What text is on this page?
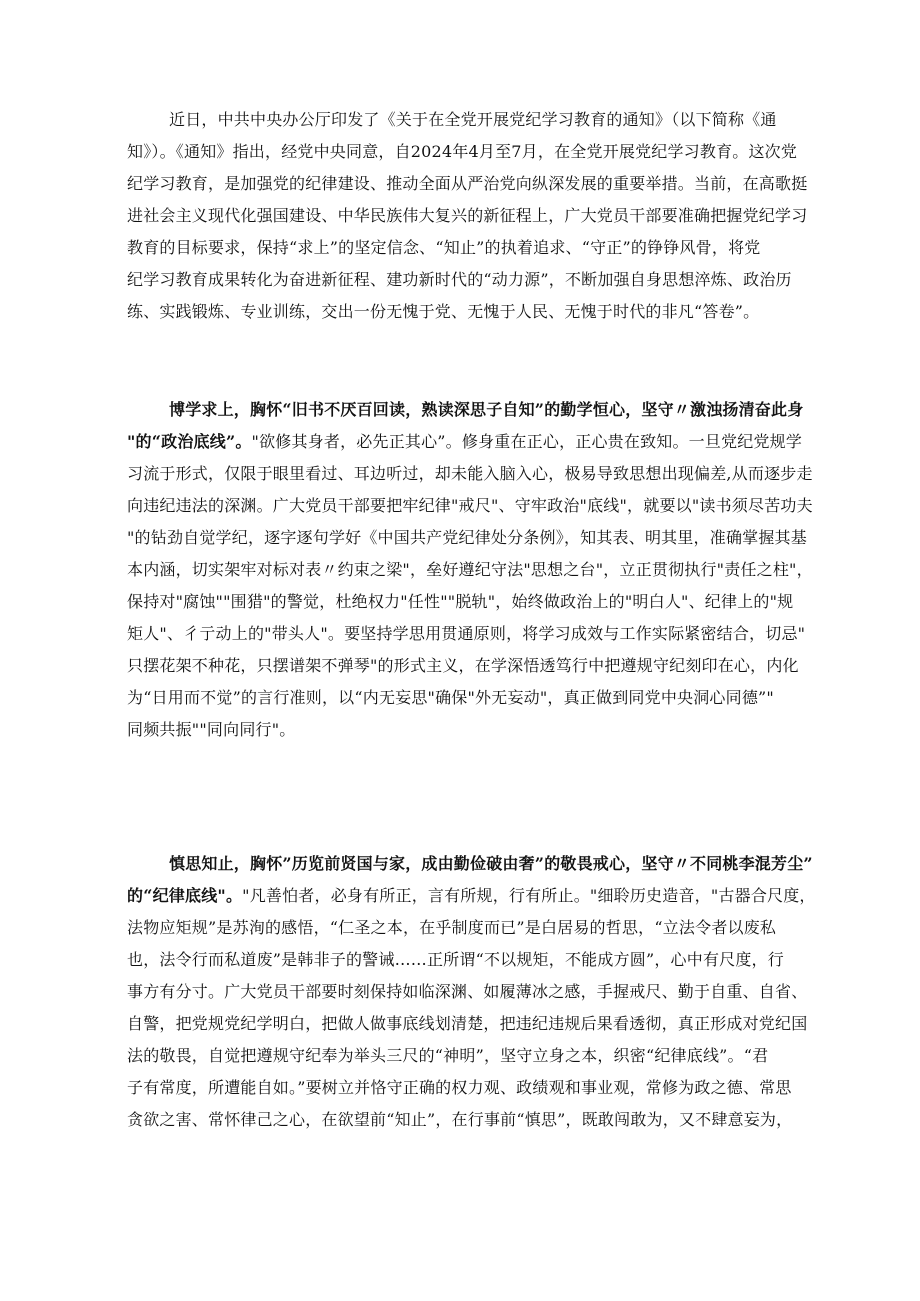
近日，中共中央办公厅印发了《关于在全党开展党纪学习教育的通知》（以下简称《通
知》）。《通知》指出，经党中央同意，自2024年4月至7月，在全党开展党纪学习教育。这次党
纪学习教育，是加强党的纪律建设、推动全面从严治党向纵深发展的重要举措。当前，在高歌挺
进社会主义现代化强国建设、中华民族伟大复兴的新征程上，广大党员干部要准确把握党纪学习
教育的目标要求，保持“求上”的坚定信念、“知止”的执着追求、“守正”的铮铮风骨，将党
纪学习教育成果转化为奋进新征程、建功新时代的“动力源”，不断加强自身思想淬炼、政治历
练、实践锻炼、专业训练，交出一份无愧于党、无愧于人民、无愧于时代的非凡“答卷”。
博学求上，胸怀“旧书不厌百回读，熟读深思子自知”的勤学恒心，坚守〃激浊扬清奋此身
"的“政治底线”。"欲修其身者，必先正其心”。修身重在正心，正心贵在致知。一旦党纪党规学
习流于形式，仅限于眼里看过、耳边听过，却未能入脑入心，极易导致思想出现偏差,从而逐步走
向违纪违法的深渊。广大党员干部要把牢纪律"戒尺"、守牢政治"底线"，就要以"读书须尽苦功夫
"的钻劲自觉学纪，逐字逐句学好《中国共产党纪律处分条例》，知其表、明其里，准确掌握其基
本内涵，切实架牢对标对表〃约束之梁"，垒好遵纪守法"思想之台"，立正贯彻执行"责任之柱"，
保持对"腐蚀""围猎"的警觉，杜绝权力"任性""脱轨"，始终做政治上的"明白人"、纪律上的"规
矩人"、彳亍动上的"带头人"。要坚持学思用贯通原则，将学习成效与工作实际紧密结合，切忌"
只摆花架不种花，只摆谱架不弹琴"的形式主义，在学深悟透笃行中把遵规守纪刻印在心，内化
为“日用而不觉”的言行准则，以“内无妄思"确保"外无妄动"，真正做到同党中央洞心同德”"
同频共振""同向同行"。
慎思知止，胸怀”历览前贤国与家，成由勤俭破由奢”的敬畏戒心，坚守〃不同桃李混芳尘”
的“纪律底线"。"凡善怕者，必身有所正，言有所规，行有所止。"细聆历史造音，"古器合尺度，
法物应矩规”是苏洵的感悟，“仁圣之本，在乎制度而已”是白居易的哲思，“立法令者以废私
也，法令行而私道废”是韩非子的警诫……正所谓“不以规矩，不能成方圆”，心中有尺度，行
事方有分寸。广大党员干部要时刻保持如临深渊、如履薄冰之感，手握戒尺、勤于自重、自省、
自警，把党规党纪学明白，把做人做事底线划清楚，把违纪违规后果看透彻，真正形成对党纪国
法的敬畏，自觉把遵规守纪奉为举头三尺的“神明”，坚守立身之本，织密“纪律底线”。“君
子有常度，所遭能自如。”要树立并恪守正确的权力观、政绩观和事业观，常修为政之德、常思
贪欲之害、常怀律己之心，在欲望前“知止”，在行事前“慎思”，既敢闯敢为，又不肆意妄为，
